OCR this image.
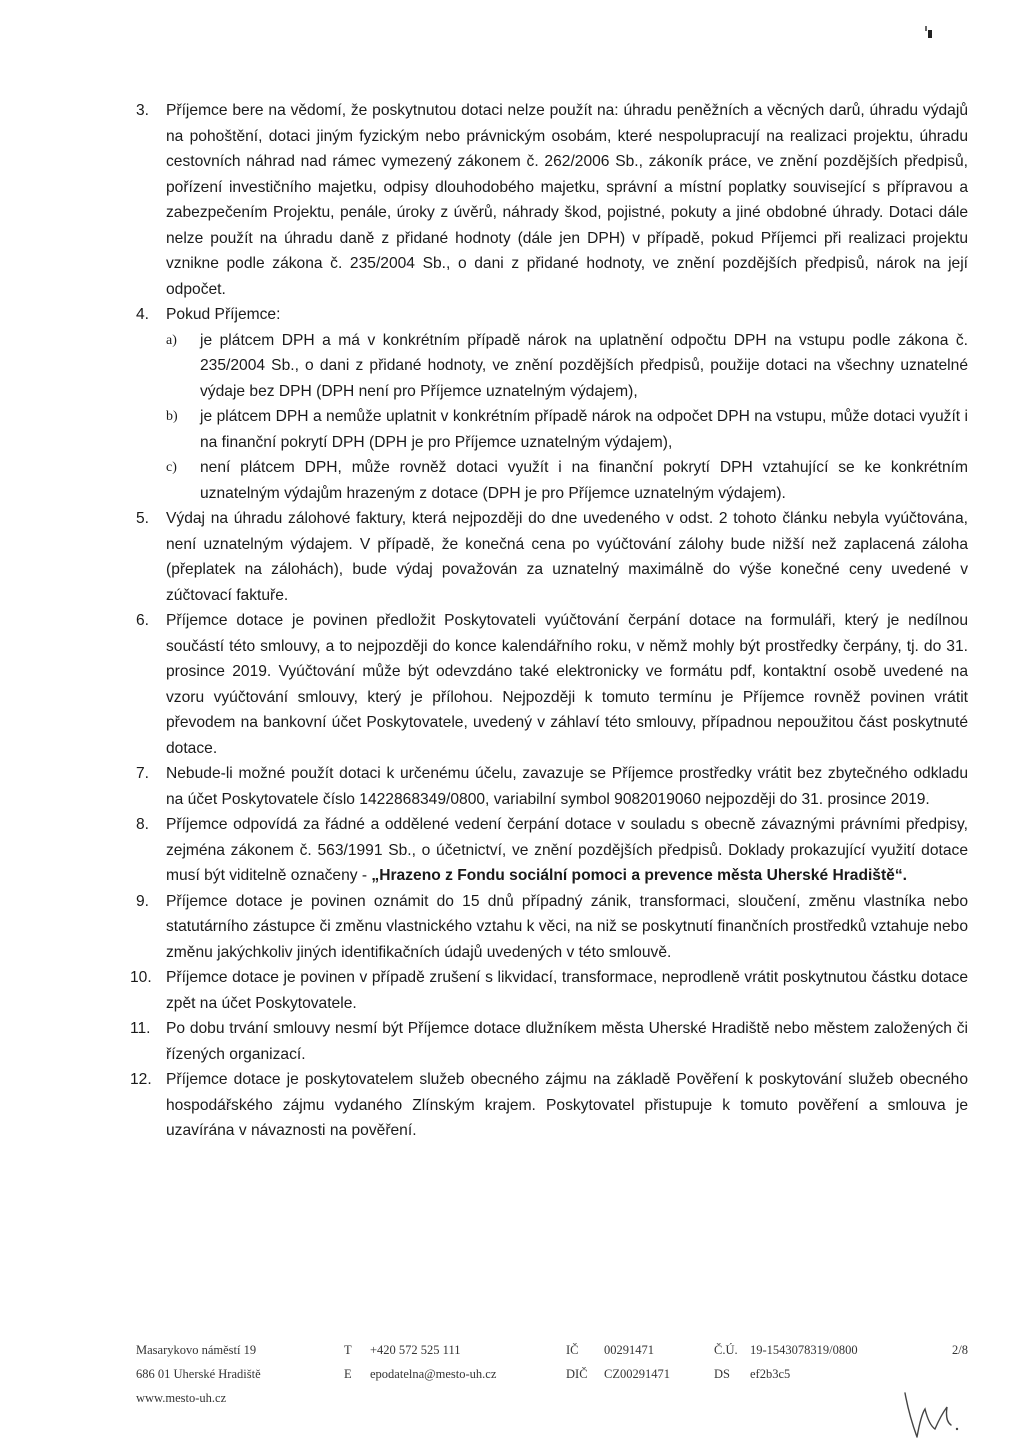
3.	Příjemce bere na vědomí, že poskytnutou dotaci nelze použít na: úhradu peněžních a věcných darů, úhradu výdajů na pohoštění, dotaci jiným fyzickým nebo právnickým osobám, které nespolupracují na realizaci projektu, úhradu cestovních náhrad nad rámec vymezený zákonem č. 262/2006 Sb., zákoník práce, ve znění pozdějších předpisů, pořízení investičního majetku, odpisy dlouhodobého majetku, správní a místní poplatky související s přípravou a zabezpečením Projektu, penále, úroky z úvěrů, náhrady škod, pojistné, pokuty a jiné obdobné úhrady. Dotaci dále nelze použít na úhradu daně z přidané hodnoty (dále jen DPH) v případě, pokud Příjemci při realizaci projektu vznikne podle zákona č. 235/2004 Sb., o dani z přidané hodnoty, ve znění pozdějších předpisů, nárok na její odpočet.

4.	Pokud Příjemce:

a) je plátcem DPH a má v konkrétním případě nárok na uplatnění odpočtu DPH na vstupu podle zákona č. 235/2004 Sb., o dani z přidané hodnoty, ve znění pozdějších předpisů, použije dotaci na všechny uznatelné výdaje bez DPH (DPH není pro Příjemce uznatelným výdajem),

b) je plátcem DPH a nemůže uplatnit v konkrétním případě nárok na odpočet DPH na vstupu, může dotaci využít i na finanční pokrytí DPH (DPH je pro Příjemce uznatelným výdajem),

c) není plátcem DPH, může rovněž dotaci využít i na finanční pokrytí DPH vztahující se ke konkrétním uznatelným výdajům hrazeným z dotace (DPH je pro Příjemce uznatelným výdajem).

5.	Výdaj na úhradu zálohové faktury, která nejpozději do dne uvedeného v odst. 2 tohoto článku nebyla vyúčtována, není uznatelným výdajem. V případě, že konečná cena po vyúčtování zálohy bude nižší než zaplacená záloha (přeplatek na zálohách), bude výdaj považován za uznatelný maximálně do výše konečné ceny uvedené v zúčtovací faktuře.

6.	Příjemce dotace je povinen předložit Poskytovateli vyúčtování čerpání dotace na formuláři, který je nedílnou součástí této smlouvy, a to nejpozději do konce kalendářního roku, v němž mohly být prostředky čerpány, tj. do 31. prosince 2019. Vyúčtování může být odevzdáno také elektronicky ve formátu pdf, kontaktní osobě uvedené na vzoru vyúčtování smlouvy, který je přílohou. Nejpozději k tomuto termínu je Příjemce rovněž povinen vrátit převodem na bankovní účet Poskytovatele, uvedený v záhlaví této smlouvy, případnou nepoužitou část poskytnuté dotace.

7.	Nebude-li možné použít dotaci k určenému účelu, zavazuje se Příjemce prostředky vrátit bez zbytečného odkladu na účet Poskytovatele číslo 1422868349/0800, variabilní symbol 9082019060 nejpozději do 31. prosince 2019.

8.	Příjemce odpovídá za řádné a oddělené vedení čerpání dotace v souladu s obecně závaznými právními předpisy, zejména zákonem č. 563/1991 Sb., o účetnictví, ve znění pozdějších předpisů. Doklady prokazující využití dotace musí být viditelně označeny - „Hrazeno z Fondu sociální pomoci a prevence města Uherské Hradiště“.

9.	Příjemce dotace je povinen oznámit do 15 dnů případný zánik, transformaci, sloučení, změnu vlastníka nebo statutárního zástupce či změnu vlastnického vztahu k věci, na niž se poskytnutí finančních prostředků vztahuje nebo změnu jakýchkoliv jiných identifikačních údajů uvedených v této smlouvě.

10. Příjemce dotace je povinen v případě zrušení s likvidací, transformace, neprodleně vrátit poskytnutou částku dotace zpět na účet Poskytovatele.

11. Po dobu trvání smlouvy nesmí být Příjemce dotace dlužníkem města Uherské Hradiště nebo městem založených či řízených organizací.

12. Příjemce dotace je poskytovatelem služeb obecného zájmu na základě Pověření k poskytování služeb obecného hospodářského zájmu vydaného Zlínským krajem. Poskytovatel přistupuje k tomuto pověření a smlouva je uzavírána v návaznosti na pověření.

Masarykovo náměstí 19
686 01 Uherské Hradiště
www.mesto-uh.cz
T +420 572 525 111
E epodatelna@mesto-uh.cz
IČ 00291471
DIČ CZ00291471
Č.Ú. 19-1543078319/0800
DS ef2b3c5
2/8
